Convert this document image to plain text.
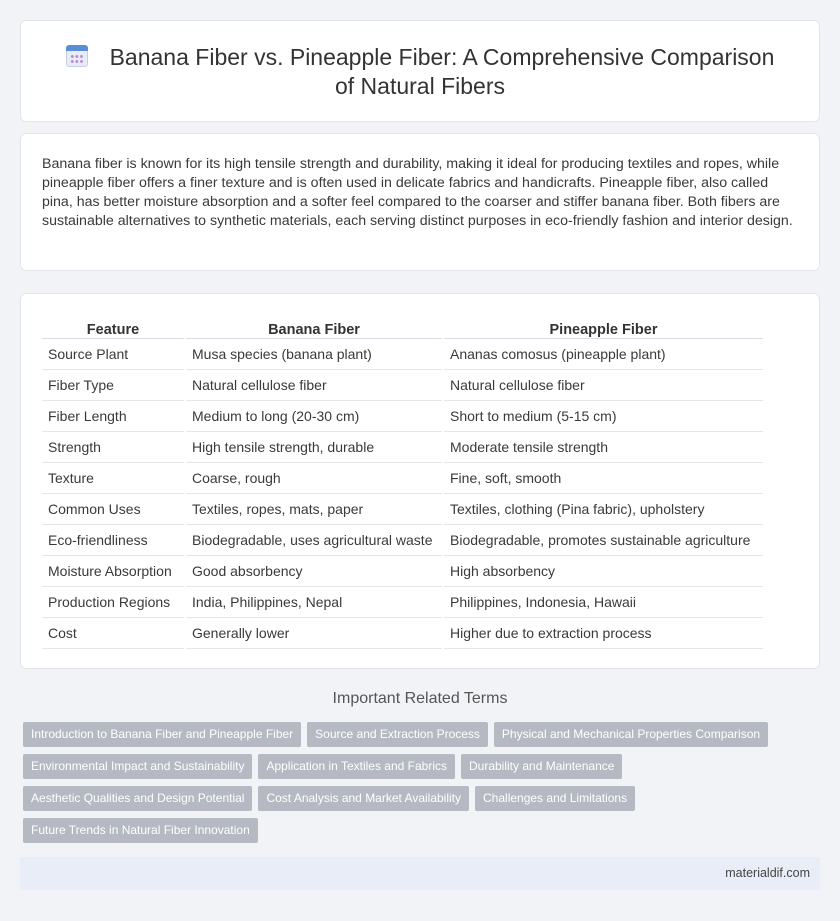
Banana Fiber vs. Pineapple Fiber: A Comprehensive Comparison of Natural Fibers

Banana fiber is known for its high tensile strength and durability, making it ideal for producing textiles and ropes, while pineapple fiber offers a finer texture and is often used in delicate fabrics and handicrafts. Pineapple fiber, also called pina, has better moisture absorption and a softer feel compared to the coarser and stiffer banana fiber. Both fibers are sustainable alternatives to synthetic materials, each serving distinct purposes in eco-friendly fashion and interior design.

Feature	Banana Fiber	Pineapple Fiber
Source Plant	Musa species (banana plant)	Ananas comosus (pineapple plant)
Fiber Type	Natural cellulose fiber	Natural cellulose fiber
Fiber Length	Medium to long (20-30 cm)	Short to medium (5-15 cm)
Strength	High tensile strength, durable	Moderate tensile strength
Texture	Coarse, rough	Fine, soft, smooth
Common Uses	Textiles, ropes, mats, paper	Textiles, clothing (Pina fabric), upholstery
Eco-friendliness	Biodegradable, uses agricultural waste	Biodegradable, promotes sustainable agriculture
Moisture Absorption	Good absorbency	High absorbency
Production Regions	India, Philippines, Nepal	Philippines, Indonesia, Hawaii
Cost	Generally lower	Higher due to extraction process
Important Related Terms
Introduction to Banana Fiber and Pineapple Fiber Source and Extraction Process Physical and Mechanical Properties Comparison
Environmental Impact and Sustainability Application in Textiles and Fabrics Durability and Maintenance
Aesthetic Qualities and Design Potential Cost Analysis and Market Availability Challenges and Limitations
Future Trends in Natural Fiber Innovation
materialdif.com
